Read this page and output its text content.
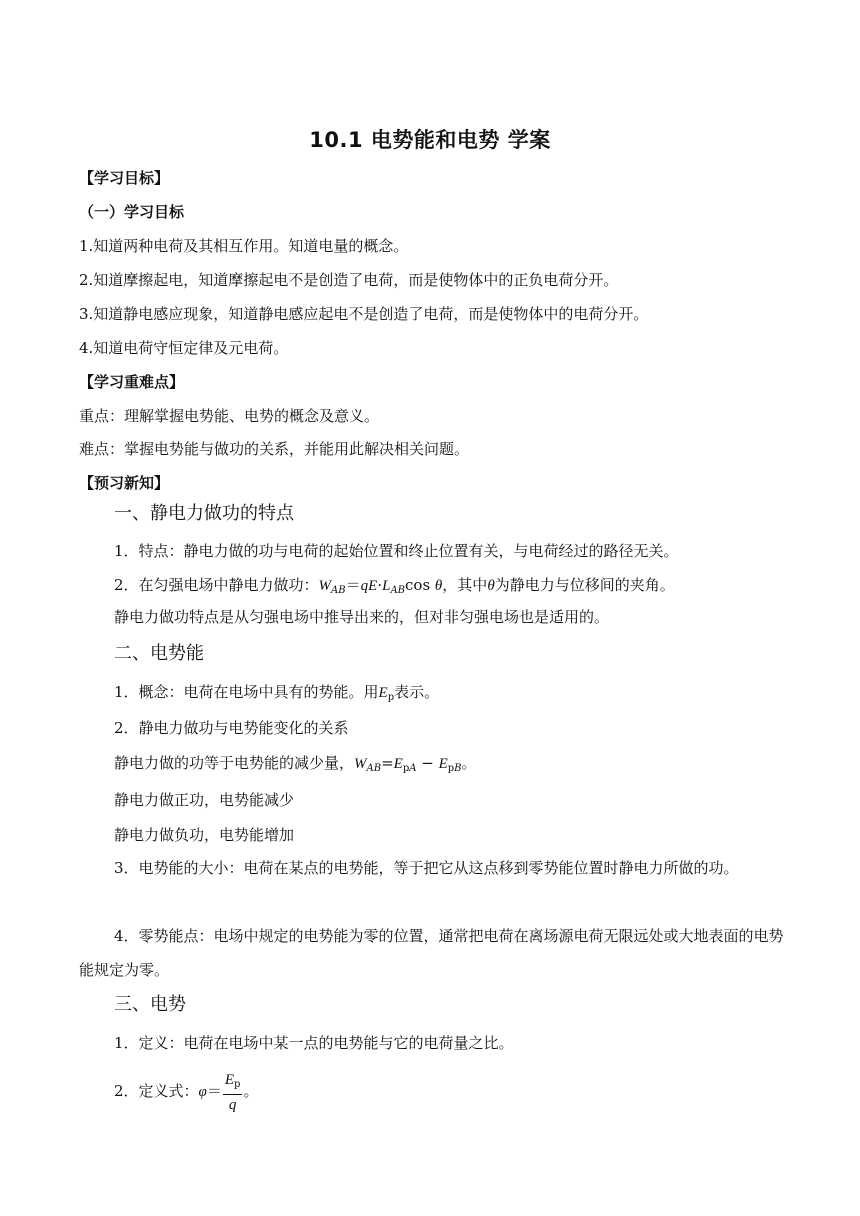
10.1 电势能和电势 学案
【学习目标】
（一）学习目标
1.知道两种电荷及其相互作用。知道电量的概念。
2.知道摩擦起电，知道摩擦起电不是创造了电荷，而是使物体中的正负电荷分开。
3.知道静电感应现象，知道静电感应起电不是创造了电荷，而是使物体中的电荷分开。
4.知道电荷守恒定律及元电荷。
【学习重难点】
重点：理解掌握电势能、电势的概念及意义。
难点：掌握电势能与做功的关系，并能用此解决相关问题。
【预习新知】
一、静电力做功的特点
1．特点：静电力做的功与电荷的起始位置和终止位置有关，与电荷经过的路径无关。
2．在匀强电场中静电力做功：$W_{AB}=qE\cdot L_{AB}\cos$ θ，其中θ为静电力与位移间的夹角。
静电力做功特点是从匀强电场中推导出来的，但对非匀强电场也是适用的。
二、电势能
1．概念：电荷在电场中具有的势能。用$E_p$表示。
2．静电力做功与电势能变化的关系
静电力做的功等于电势能的减少量，$W_{AB}=E_{pA} - E_{pB}$。
静电力做正功，电势能减少
静电力做负功，电势能增加
3．电势能的大小：电荷在某点的电势能，等于把它从这点移到零势能位置时静电力所做的功。
4．零势能点：电场中规定的电势能为零的位置，通常把电荷在离场源电荷无限远处或大地表面的电势能规定为零。
三、电势
1．定义：电荷在电场中某一点的电势能与它的电荷量之比。
2．定义式：$\varphi= \frac{E_p}{q}$ 。
